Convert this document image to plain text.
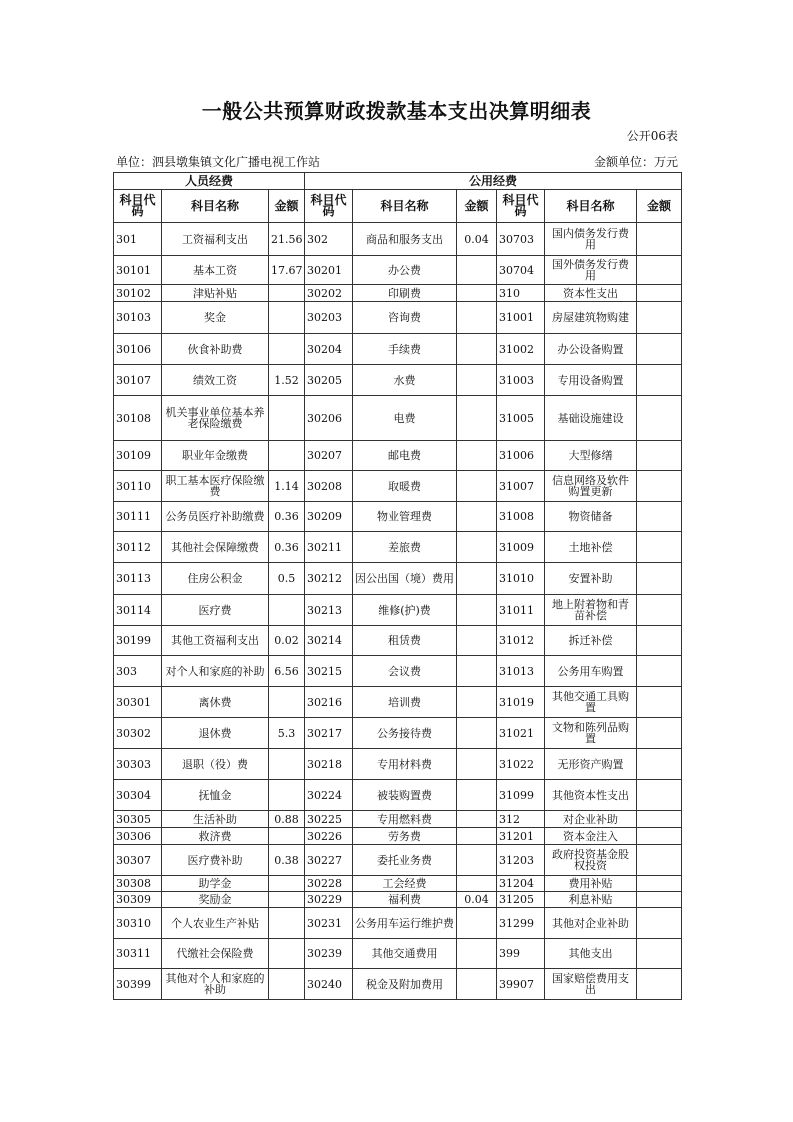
一般公共预算财政拨款基本支出决算明细表
公开06表
单位：泗县墩集镇文化广播电视工作站	金额单位：万元
人员经费			公用经费					
科目代码	科目名称	金额	科目代码	科目名称	金额	科目代码	科目名称	金额
301	工资福利支出	21.56	302	商品和服务支出	0.04	30703	国内债务发行费用	
30101	基本工资	17.67	30201	办公费		30704	国外债务发行费用	
30102	津贴补贴		30202	印刷费		310	资本性支出	
30103	奖金		30203	咨询费		31001	房屋建筑物购建	
30106	伙食补助费		30204	手续费		31002	办公设备购置	
30107	绩效工资	1.52	30205	水费		31003	专用设备购置	
30108	机关事业单位基本养老保险缴费		30206	电费		31005	基础设施建设	
30109	职业年金缴费		30207	邮电费		31006	大型修缮	
30110	职工基本医疗保险缴费	1.14	30208	取暖费		31007	信息网络及软件购置更新	
30111	公务员医疗补助缴费	0.36	30209	物业管理费		31008	物资储备	
30112	其他社会保障缴费	0.36	30211	差旅费		31009	土地补偿	
30113	住房公积金	0.5	30212	因公出国（境）费用		31010	安置补助	
30114	医疗费		30213	维修(护)费		31011	地上附着物和青苗补偿	
30199	其他工资福利支出	0.02	30214	租赁费		31012	拆迁补偿	
303	对个人和家庭的补助	6.56	30215	会议费		31013	公务用车购置	
30301	离休费		30216	培训费		31019	其他交通工具购置	
30302	退休费	5.3	30217	公务接待费		31021	文物和陈列品购置	
30303	退职（役）费		30218	专用材料费		31022	无形资产购置	
30304	抚恤金		30224	被装购置费		31099	其他资本性支出	
30305	生活补助	0.88	30225	专用燃料费		312	对企业补助	
30306	救济费		30226	劳务费		31201	资本金注入	
30307	医疗费补助	0.38	30227	委托业务费		31203	政府投资基金股权投资	
30308	助学金		30228	工会经费		31204	费用补贴	
30309	奖励金		30229	福利费	0.04	31205	利息补贴	
30310	个人农业生产补贴		30231	公务用车运行维护费		31299	其他对企业补助	
30311	代缴社会保险费		30239	其他交通费用		399	其他支出	
30399	其他对个人和家庭的补助		30240	税金及附加费用		39907	国家赔偿费用支出	
